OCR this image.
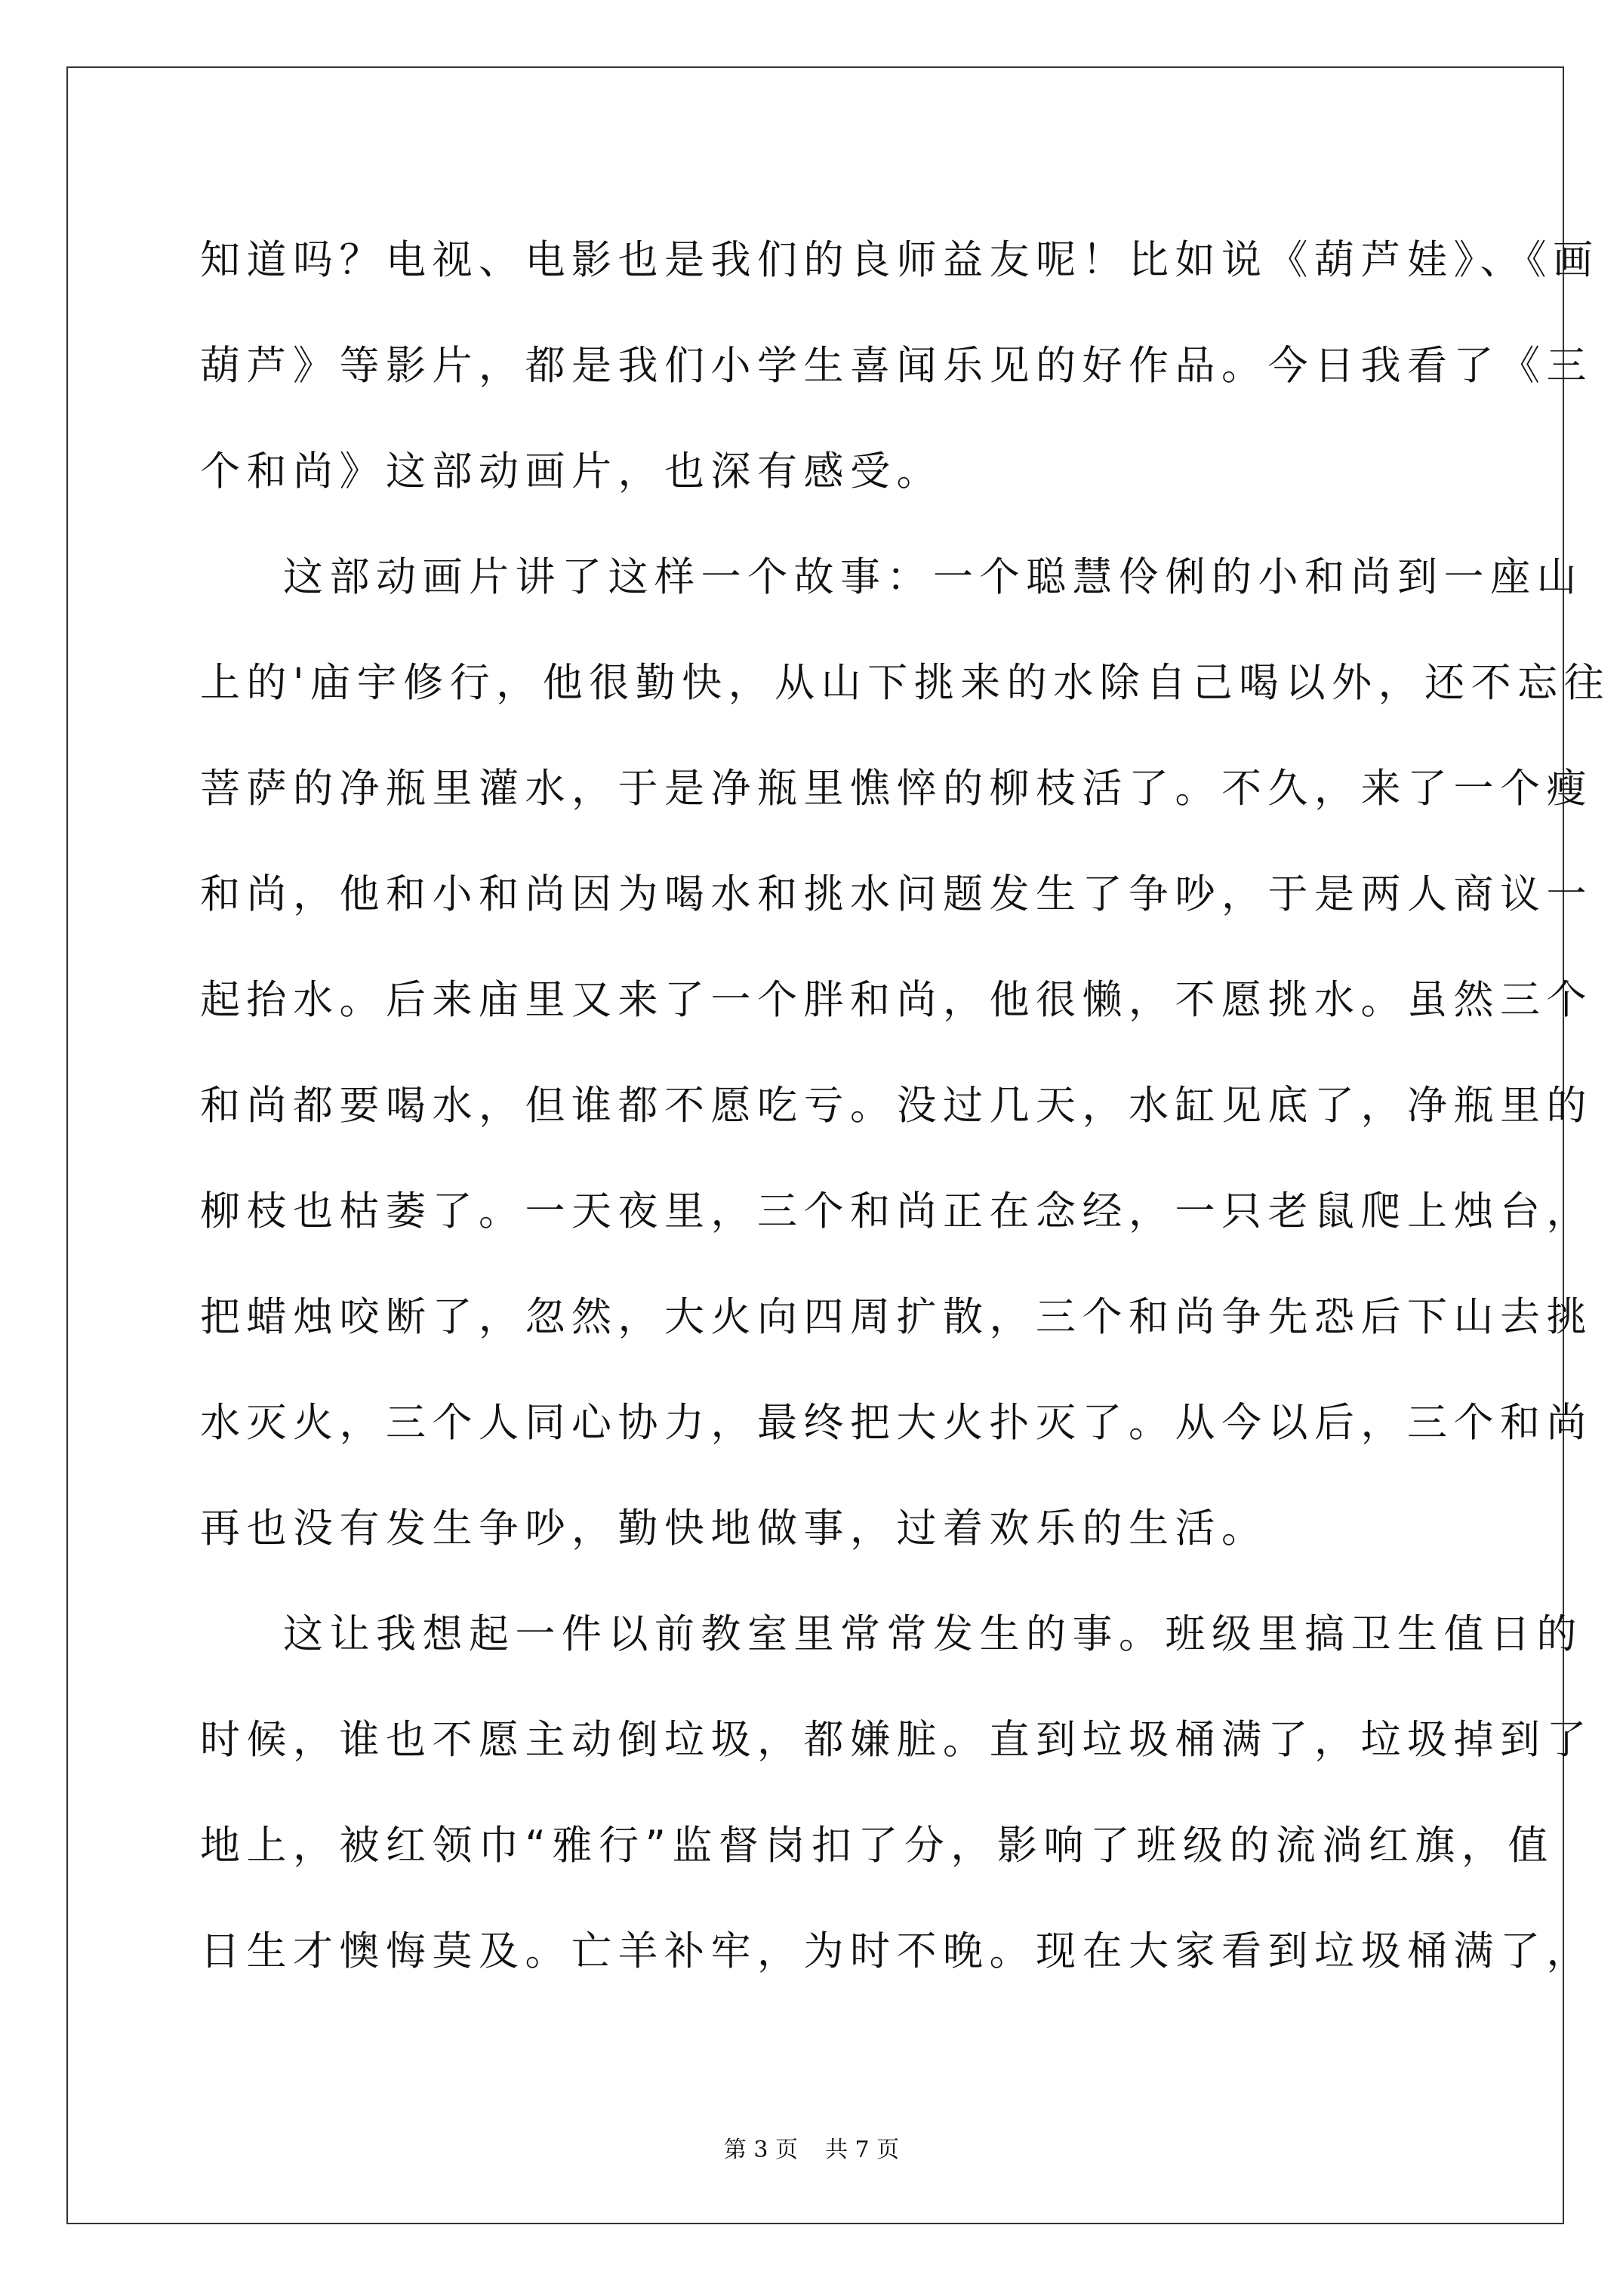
知道吗？电视、电影也是我们的良师益友呢！比如说《葫芦娃》、《画
葫芦》等影片，都是我们小学生喜闻乐见的好作品。今日我看了《三
个和尚》这部动画片，也深有感受。
这部动画片讲了这样一个故事：一个聪慧伶俐的小和尚到一座山
上的'庙宇修行，他很勤快，从山下挑来的水除自己喝以外，还不忘往
菩萨的净瓶里灌水，于是净瓶里憔悴的柳枝活了。不久，来了一个瘦
和尚，他和小和尚因为喝水和挑水问题发生了争吵，于是两人商议一
起抬水。后来庙里又来了一个胖和尚，他很懒，不愿挑水。虽然三个
和尚都要喝水，但谁都不愿吃亏。没过几天，水缸见底了，净瓶里的
柳枝也枯萎了。一天夜里，三个和尚正在念经，一只老鼠爬上烛台，
把蜡烛咬断了，忽然，大火向四周扩散，三个和尚争先恐后下山去挑
水灭火，三个人同心协力，最终把大火扑灭了。从今以后，三个和尚
再也没有发生争吵，勤快地做事，过着欢乐的生活。
这让我想起一件以前教室里常常发生的事。班级里搞卫生值日的
时候，谁也不愿主动倒垃圾，都嫌脏。直到垃圾桶满了，垃圾掉到了
地上，被红领巾“雅行”监督岗扣了分，影响了班级的流淌红旗，值
日生才懊悔莫及。亡羊补牢，为时不晚。现在大家看到垃圾桶满了，
第 3 页 共 7 页
